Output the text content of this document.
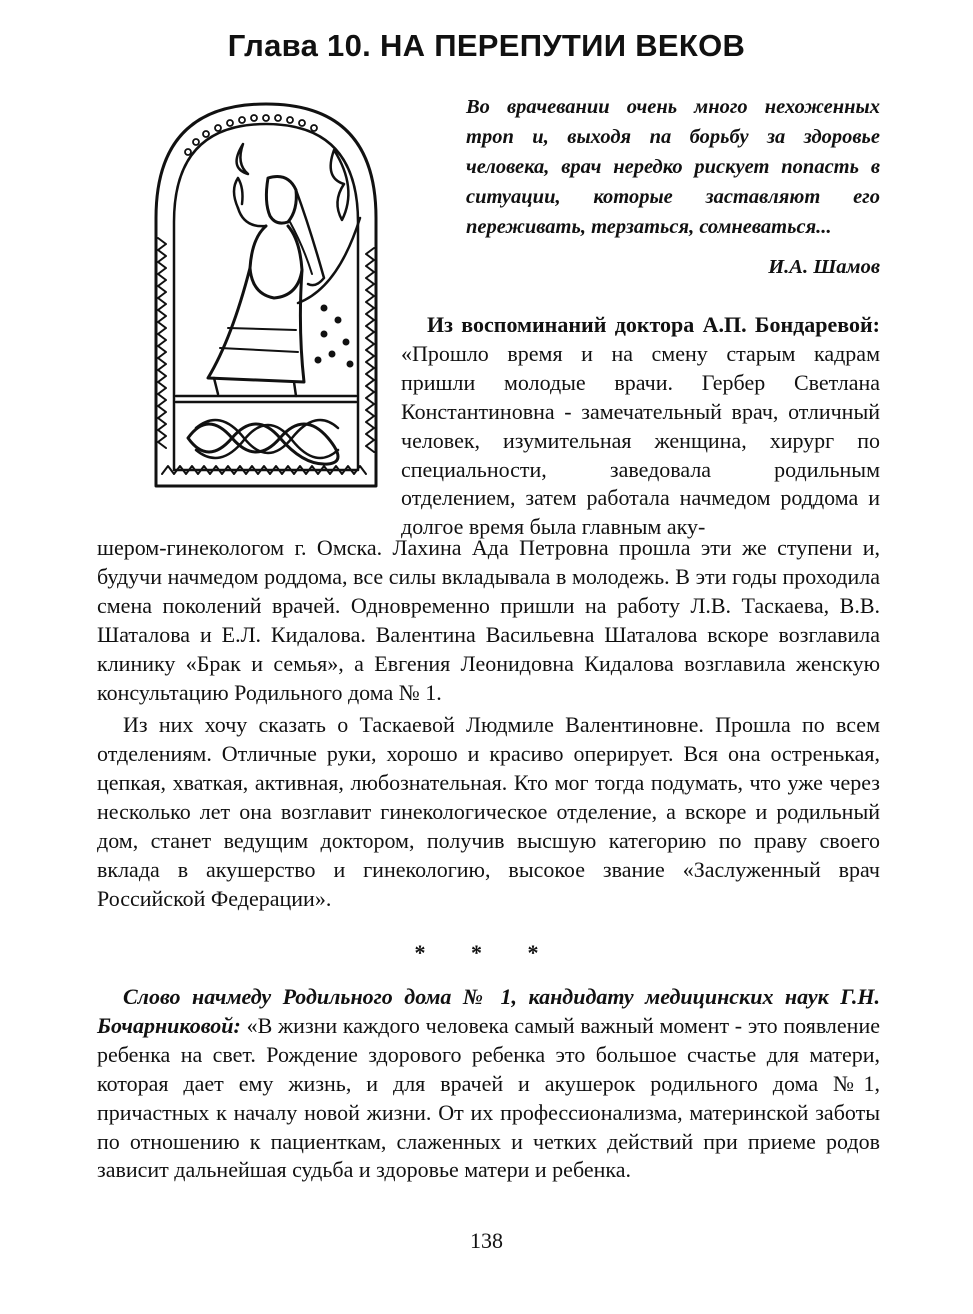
Глава 10. НА ПЕРЕПУТИИ ВЕКОВ

Во врачевании очень много нехоженных троп и, выходя па борьбу за здоровье человека, врач нередко рискует попасть в ситуации, которые заставляют его переживать, терзаться, сомневаться...

И.А. Шамов

Из воспоминаний доктора А.П. Бондаревой: «Прошло время и на смену старым кадрам пришли молодые врачи. Гербер Светлана Константиновна - замечательный врач, отличный человек, изумительная женщина, хирург по специальности, заведовала родильным отделением, затем работала начмедом роддома и долгое время была главным аку-

шером-гинекологом г. Омска. Лахина Ада Петровна прошла эти же ступени и, будучи начмедом роддома, все силы вкладывала в молодежь. В эти годы проходила смена поколений врачей. Одновременно пришли на работу Л.В. Таскаева, В.В. Шаталова и Е.Л. Кидалова. Валентина Васильевна Шаталова вскоре возглавила клинику «Брак и семья», а Евгения Леонидовна Кидалова возглавила женскую консультацию Родильного дома № 1.

Из них хочу сказать о Таскаевой Людмиле Валентиновне. Прошла по всем отделениям. Отличные руки, хорошо и красиво оперирует. Вся она остренькая, цепкая, хваткая, активная, любознательная. Кто мог тогда подумать, что уже через несколько лет она возглавит гинекологическое отделение, а вскоре и родильный дом, станет ведущим доктором, получив высшую категорию по праву своего вклада в акушерство и гинекологию, высокое звание «Заслуженный врач Российской Федерации».

* * *

Слово начмеду Родильного дома № 1, кандидату медицинских наук Г.Н. Бочарниковой: «В жизни каждого человека самый важный момент - это появление ребенка на свет. Рождение здорового ребенка это большое счастье для матери, которая дает ему жизнь, и для врачей и акушерок родильного дома №1, причастных к началу новой жизни. От их профессионализма, материнской заботы по отношению к пациенткам, слаженных и четких действий при приеме родов зависит дальнейшая судьба и здоровье матери и ребенка.

138
